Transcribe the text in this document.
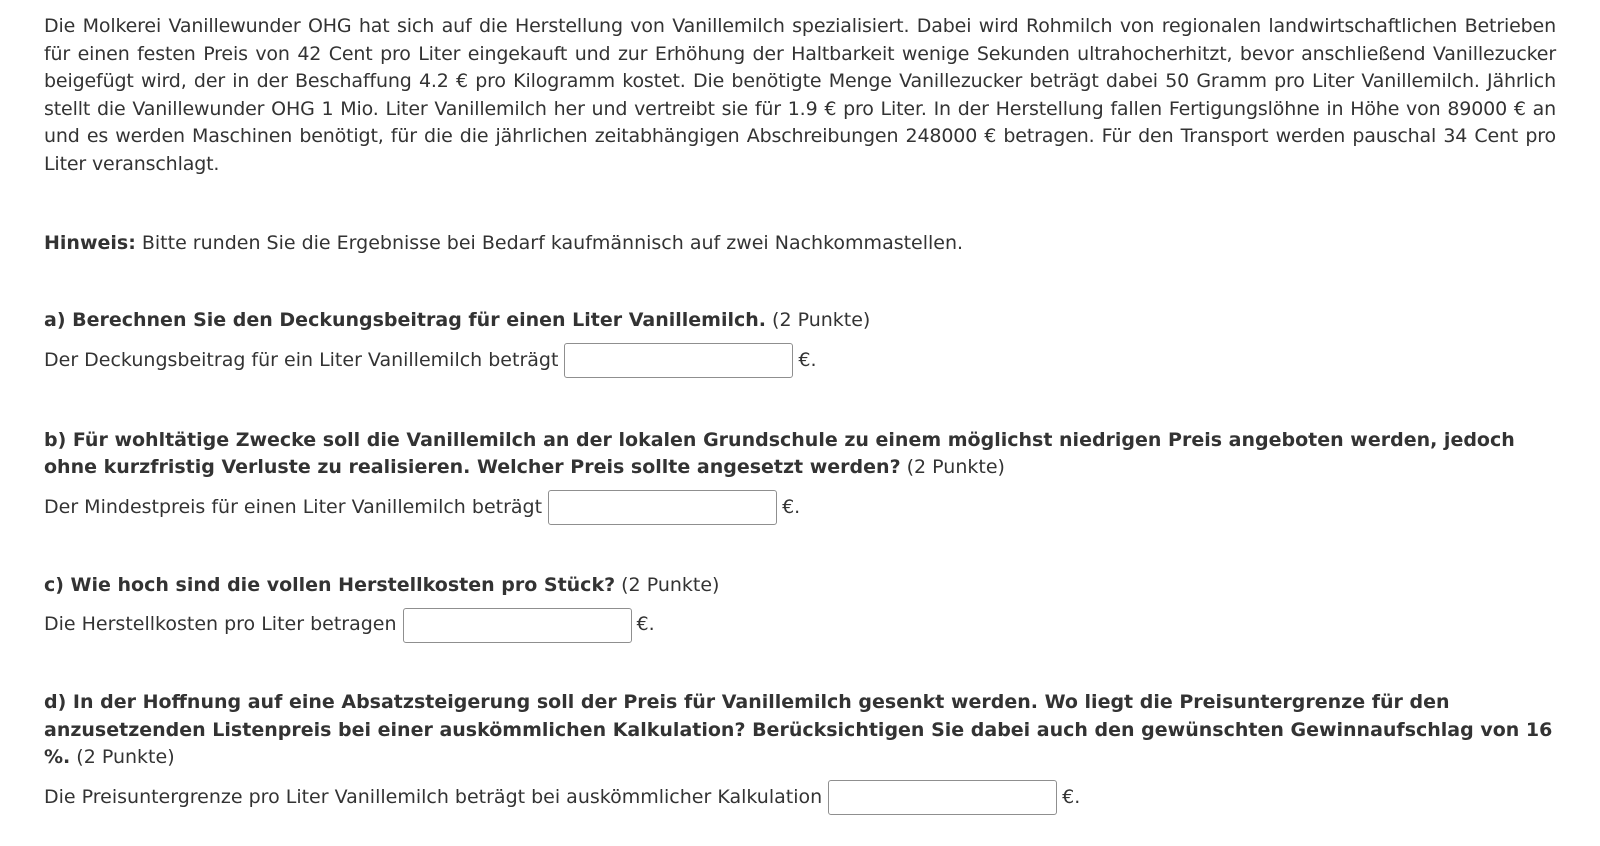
Die Molkerei Vanillewunder OHG hat sich auf die Herstellung von Vanillemilch spezialisiert. Dabei wird Rohmilch von regionalen landwirtschaftlichen Betrieben für einen festen Preis von 42 Cent pro Liter eingekauft und zur Erhöhung der Haltbarkeit wenige Sekunden ultrahocherhitzt, bevor anschließend Vanillezucker beigefügt wird, der in der Beschaffung 4.2 € pro Kilogramm kostet. Die benötigte Menge Vanillezucker beträgt dabei 50 Gramm pro Liter Vanillemilch. Jährlich stellt die Vanillewunder OHG 1 Mio. Liter Vanillemilch her und vertreibt sie für 1.9 € pro Liter. In der Herstellung fallen Fertigungslöhne in Höhe von 89000 € an und es werden Maschinen benötigt, für die die jährlichen zeitabhängigen Abschreibungen 248000 € betragen. Für den Transport werden pauschal 34 Cent pro Liter veranschlagt.

Hinweis: Bitte runden Sie die Ergebnisse bei Bedarf kaufmännisch auf zwei Nachkommastellen.

a) Berechnen Sie den Deckungsbeitrag für einen Liter Vanillemilch. (2 Punkte)
Der Deckungsbeitrag für ein Liter Vanillemilch beträgt	€.
b) Für wohltätige Zwecke soll die Vanillemilch an der lokalen Grundschule zu einem möglichst niedrigen Preis angeboten werden, jedoch ohne kurzfristig Verluste zu realisieren. Welcher Preis sollte angesetzt werden? (2 Punkte)
Der Mindestpreis für einen Liter Vanillemilch beträgt	€.
c) Wie hoch sind die vollen Herstellkosten pro Stück? (2 Punkte)
Die Herstellkosten pro Liter betragen	€.
d) In der Hoffnung auf eine Absatzsteigerung soll der Preis für Vanillemilch gesenkt werden. Wo liegt die Preisuntergrenze für den anzusetzenden Listenpreis bei einer auskömmlichen Kalkulation? Berücksichtigen Sie dabei auch den gewünschten Gewinnaufschlag von 16 %. (2 Punkte)
Die Preisuntergrenze pro Liter Vanillemilch beträgt bei auskömmlicher Kalkulation	€.
